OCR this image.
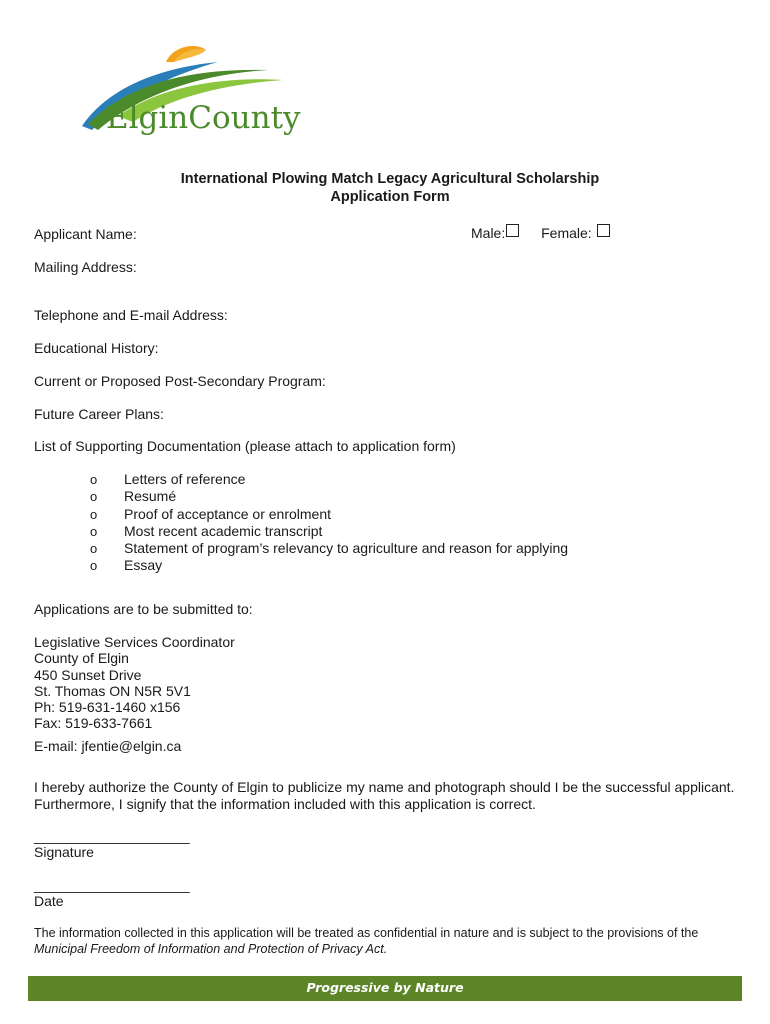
ElginCounty
International Plowing Match Legacy Agricultural Scholarship
Application Form
Applicant Name:	Male:	Female:
Mailing Address:
Telephone and E-mail Address:
Educational History:
Current or Proposed Post-Secondary Program:
Future Career Plans:
List of Supporting Documentation (please attach to application form)
o Letters of reference
o Resumé
o Proof of acceptance or enrolment
o Most recent academic transcript
o Statement of program’s relevancy to agriculture and reason for applying
o Essay
Applications are to be submitted to:
Legislative Services Coordinator
County of Elgin
450 Sunset Drive
St. Thomas ON N5R 5V1
Ph: 519-631-1460 x156
Fax: 519-633-7661
E-mail: jfentie@elgin.ca
I hereby authorize the County of Elgin to publicize my name and photograph should I be the successful applicant.
Furthermore, I signify that the information included with this application is correct.
____________________
Signature
____________________
Date
The information collected in this application will be treated as confidential in nature and is subject to the provisions of the
Municipal Freedom of Information and Protection of Privacy Act.
Progressive by Nature
